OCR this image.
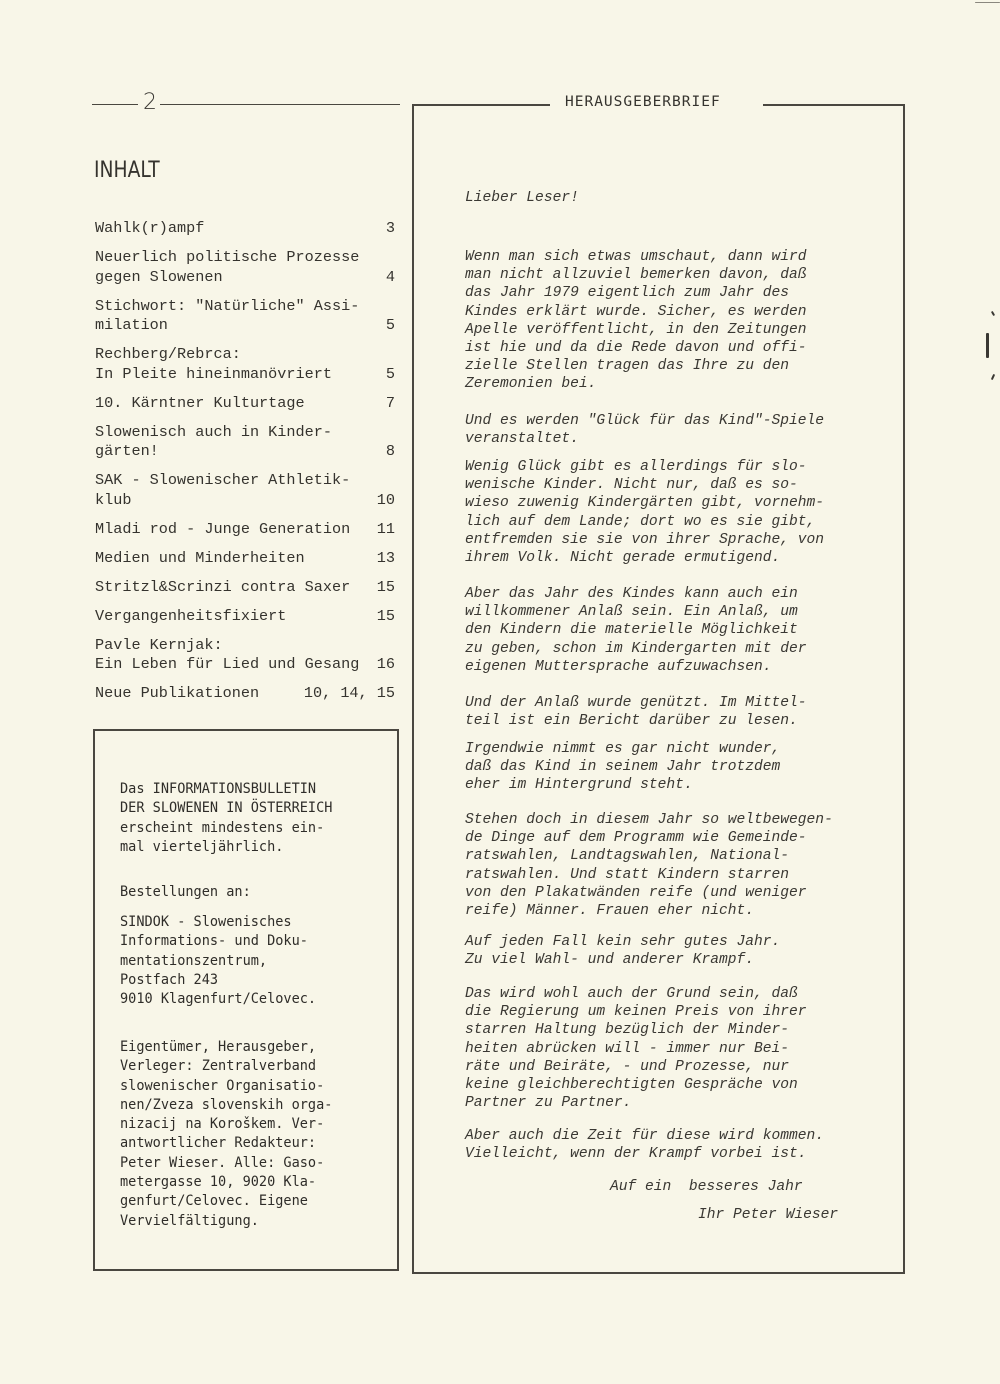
2
INHALT
Wahlk(r)ampf	3
Neuerlich politische Prozesse
gegen Slowenen	4
Stichwort: "Natürliche" Assi-
milation	5
Rechberg/Rebrca:
In Pleite hineinmanövriert	5
10. Kärntner Kulturtage	7
Slowenisch auch in Kinder-
gärten!	8
SAK - Slowenischer Athletik-
klub	10
Mladi rod - Junge Generation	11
Medien und Minderheiten	13
Stritzl&Scrinzi contra Saxer	15
Vergangenheitsfixiert	15
Pavle Kernjak:
Ein Leben für Lied und Gesang	16
Neue Publikationen	10, 14, 15
Das INFORMATIONSBULLETIN
DER SLOWENEN IN ÖSTERREICH
erscheint mindestens ein-
mal vierteljährlich.
Bestellungen an:
SINDOK - Slowenisches
Informations- und Doku-
mentationszentrum,
Postfach 243
9010 Klagenfurt/Celovec.
Eigentümer, Herausgeber,
Verleger: Zentralverband
slowenischer Organisatio-
nen/Zveza slovenskih orga-
nizacij na Koroškem. Ver-
antwortlicher Redakteur:
Peter Wieser. Alle: Gaso-
metergasse 10, 9020 Kla-
genfurt/Celovec. Eigene
Vervielfältigung.
HERAUSGEBERBRIEF
Lieber Leser!
Wenn man sich etwas umschaut, dann wird
man nicht allzuviel bemerken davon, daß
das Jahr 1979 eigentlich zum Jahr des
Kindes erklärt wurde. Sicher, es werden
Apelle veröffentlicht, in den Zeitungen
ist hie und da die Rede davon und offi-
zielle Stellen tragen das Ihre zu den
Zeremonien bei.
Und es werden "Glück für das Kind"-Spiele
veranstaltet.
Wenig Glück gibt es allerdings für slo-
wenische Kinder. Nicht nur, daß es so-
wieso zuwenig Kindergärten gibt, vornehm-
lich auf dem Lande; dort wo es sie gibt,
entfremden sie sie von ihrer Sprache, von
ihrem Volk. Nicht gerade ermutigend.
Aber das Jahr des Kindes kann auch ein
willkommener Anlaß sein. Ein Anlaß, um
den Kindern die materielle Möglichkeit
zu geben, schon im Kindergarten mit der
eigenen Muttersprache aufzuwachsen.
Und der Anlaß wurde genützt. Im Mittel-
teil ist ein Bericht darüber zu lesen.
Irgendwie nimmt es gar nicht wunder,
daß das Kind in seinem Jahr trotzdem
eher im Hintergrund steht.
Stehen doch in diesem Jahr so weltbewegen-
de Dinge auf dem Programm wie Gemeinde-
ratswahlen, Landtagswahlen, National-
ratswahlen. Und statt Kindern starren
von den Plakatwänden reife (und weniger
reife) Männer. Frauen eher nicht.
Auf jeden Fall kein sehr gutes Jahr.
Zu viel Wahl- und anderer Krampf.
Das wird wohl auch der Grund sein, daß
die Regierung um keinen Preis von ihrer
starren Haltung bezüglich der Minder-
heiten abrücken will - immer nur Bei-
räte und Beiräte, - und Prozesse, nur
keine gleichberechtigten Gespräche von
Partner zu Partner.
Aber auch die Zeit für diese wird kommen.
Vielleicht, wenn der Krampf vorbei ist.
Auf ein  besseres Jahr
Ihr Peter Wieser
